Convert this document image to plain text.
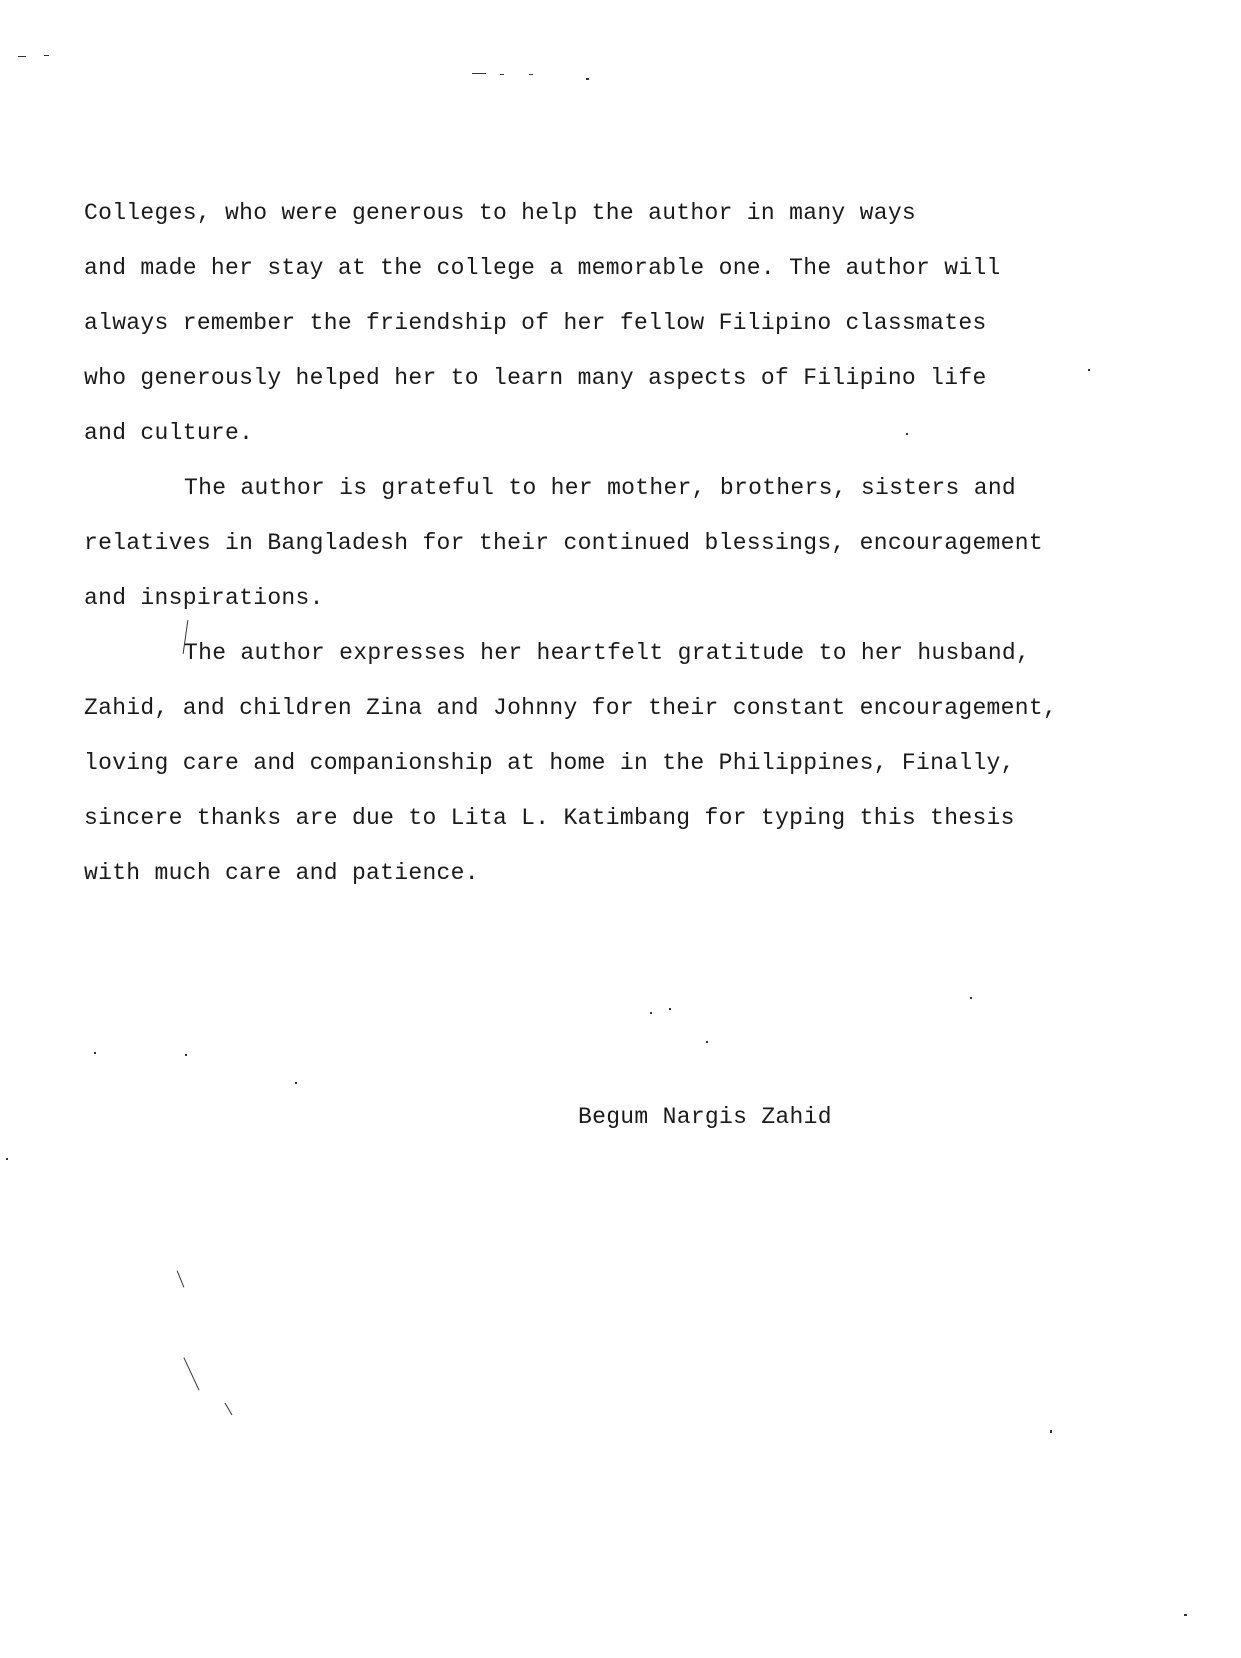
Colleges, who were generous to help the author in many ways
and made her stay at the college a memorable one. The author will
always remember the friendship of her fellow Filipino classmates
who generously helped her to learn many aspects of Filipino life
and culture.
The author is grateful to her mother, brothers, sisters and
relatives in Bangladesh for their continued blessings, encouragement
and inspirations.
The author expresses her heartfelt gratitude to her husband,
Zahid, and children Zina and Johnny for their constant encouragement,
loving care and companionship at home in the Philippines, Finally,
sincere thanks are due to Lita L. Katimbang for typing this thesis
with much care and patience.
Begum Nargis Zahid
